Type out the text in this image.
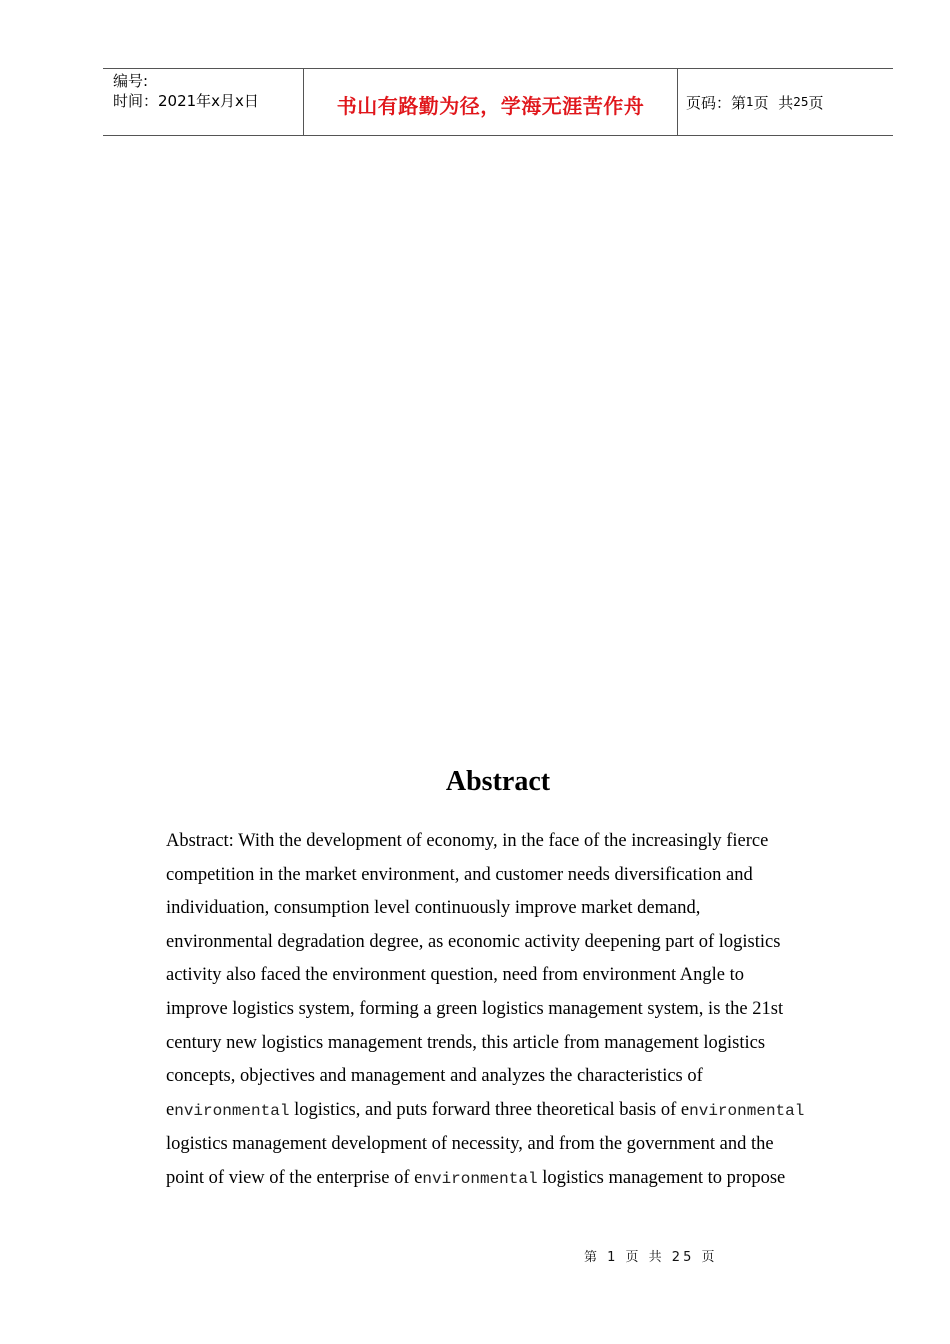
编号:
时间：2021年x月x日	书山有路勤为径，学海无涯苦作舟	页码：第 1 页  共 25 页
Abstract
Abstract: With the development of economy, in the face of the increasingly fierce
competition in the market environment, and customer needs diversification and
individuation, consumption level continuously improve market demand,
environmental degradation degree, as economic activity deepening part of logistics
activity also faced the environment question, need from environment Angle to
improve logistics system, forming a green logistics management system, is the 21st
century new logistics management trends, this article from management logistics
concepts, objectives and management and analyzes the characteristics of
environmental logistics, and puts forward three theoretical basis of environmental
logistics management development of necessity, and from the government and the
point of view of the enterprise of environmental logistics management to propose
第 1 页 共 25 页
